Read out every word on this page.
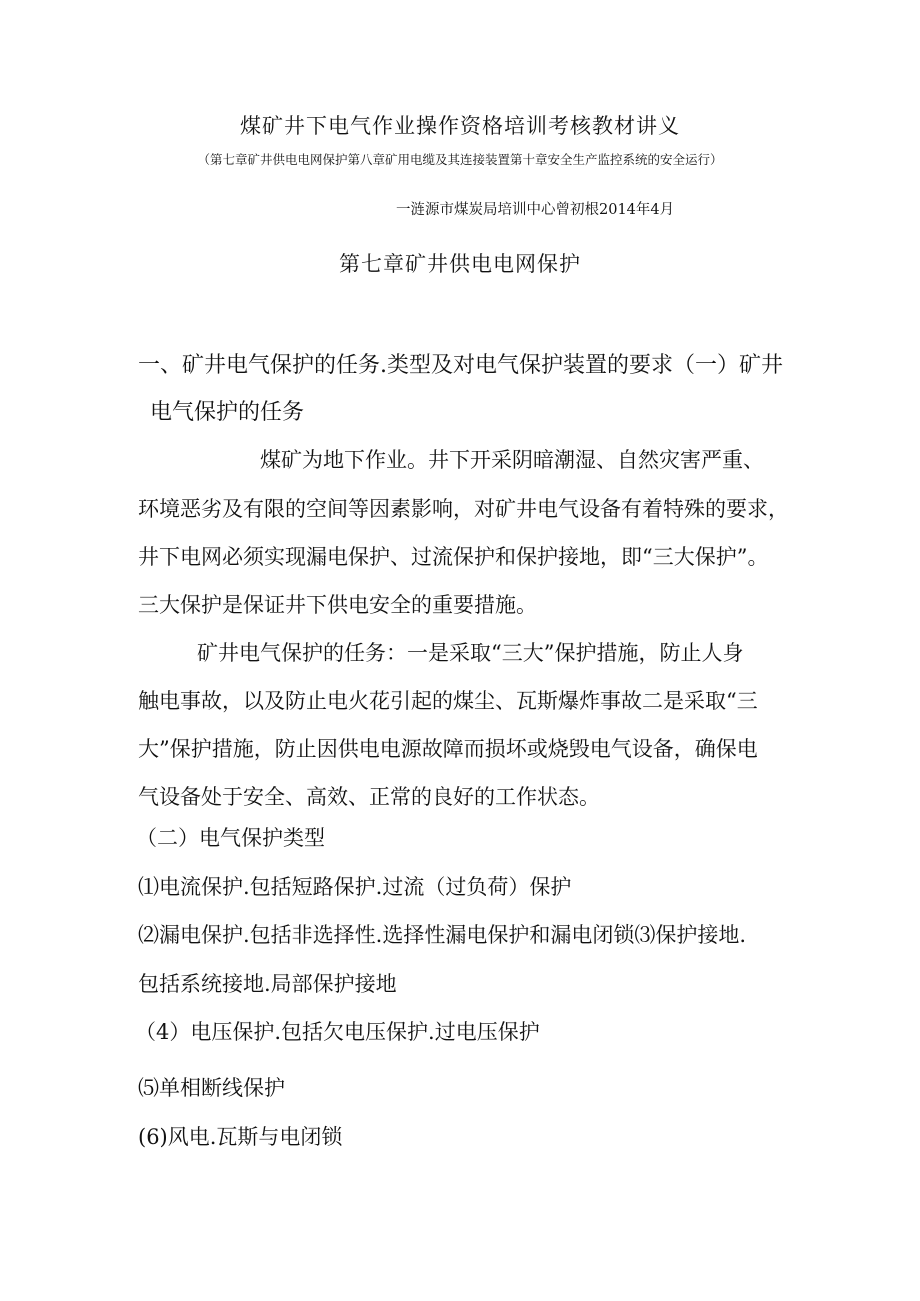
煤矿井下电气作业操作资格培训考核教材讲义
（第七章矿井供电电网保护第八章矿用电缆及其连接装置第十章安全生产监控系统的安全运行）
一涟源市煤炭局培训中心曾初根2014年4月
第七章矿井供电电网保护
一、矿井电气保护的任务.类型及对电气保护装置的要求（一）矿井
电气保护的任务
煤矿为地下作业。井下开采阴暗潮湿、自然灾害严重、
环境恶劣及有限的空间等因素影响，对矿井电气设备有着特殊的要求，
井下电网必须实现漏电保护、过流保护和保护接地，即“三大保护”。
三大保护是保证井下供电安全的重要措施。
矿井电气保护的任务：一是采取“三大”保护措施，防止人身
触电事故，以及防止电火花引起的煤尘、瓦斯爆炸事故二是采取“三
大”保护措施，防止因供电电源故障而损坏或烧毁电气设备，确保电
气设备处于安全、高效、正常的良好的工作状态。
（二）电气保护类型
⑴电流保护.包括短路保护.过流（过负荷）保护
⑵漏电保护.包括非选择性.选择性漏电保护和漏电闭锁⑶保护接地.
包括系统接地.局部保护接地
（4）电压保护.包括欠电压保护.过电压保护
⑸单相断线保护
(6)风电.瓦斯与电闭锁
